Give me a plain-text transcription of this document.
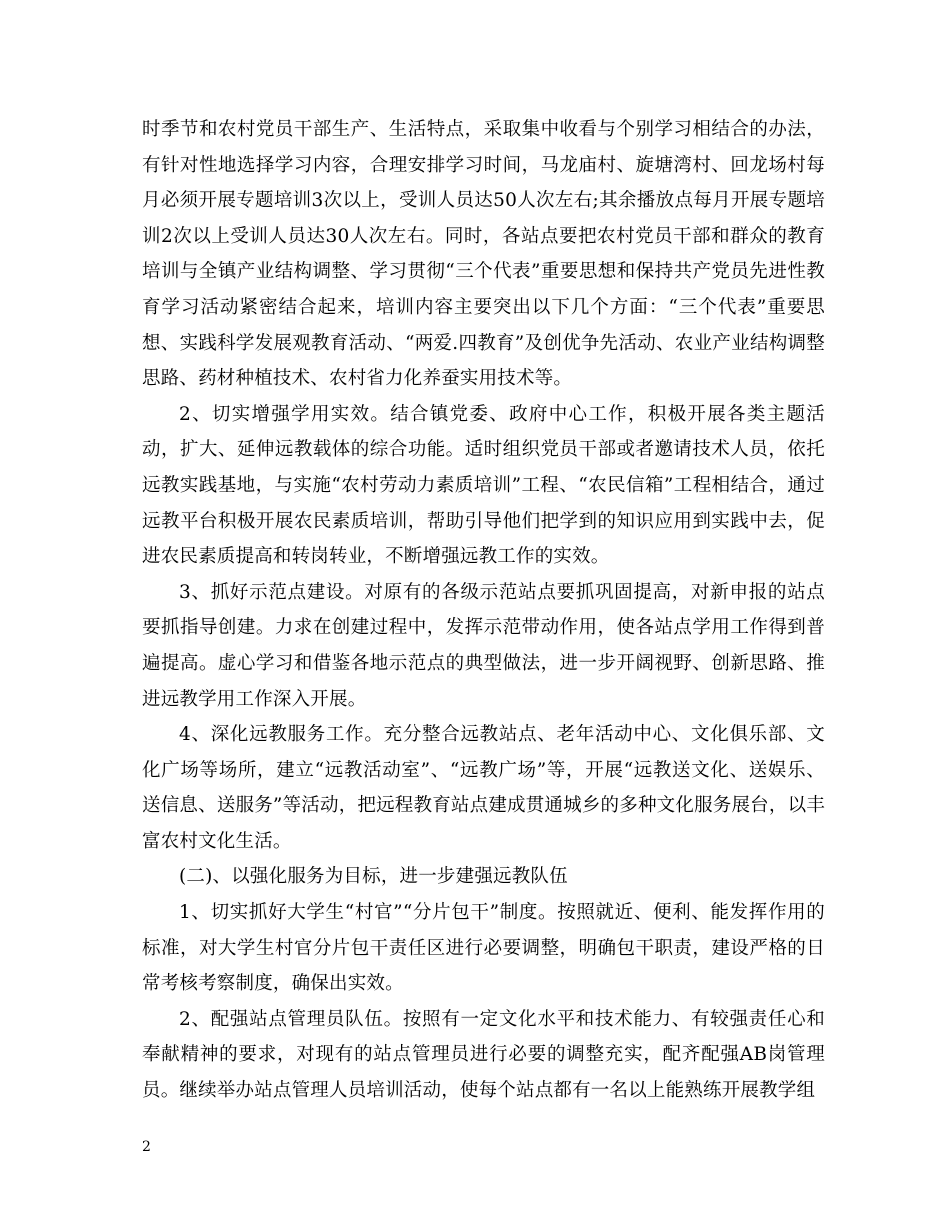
时季节和农村党员干部生产、生活特点，采取集中收看与个别学习相结合的办法，有针对性地选择学习内容，合理安排学习时间，马龙庙村、旋塘湾村、回龙场村每月必须开展专题培训3次以上，受训人员达50人次左右;其余播放点每月开展专题培训2次以上受训人员达30人次左右。同时，各站点要把农村党员干部和群众的教育培训与全镇产业结构调整、学习贯彻“三个代表”重要思想和保持共产党员先进性教育学习活动紧密结合起来，培训内容主要突出以下几个方面：“三个代表”重要思想、实践科学发展观教育活动、“两爱.四教育”及创优争先活动、农业产业结构调整思路、药材种植技术、农村省力化养蚕实用技术等。

2、切实增强学用实效。结合镇党委、政府中心工作，积极开展各类主题活动，扩大、延伸远教载体的综合功能。适时组织党员干部或者邀请技术人员，依托远教实践基地，与实施“农村劳动力素质培训”工程、“农民信箱”工程相结合，通过远教平台积极开展农民素质培训，帮助引导他们把学到的知识应用到实践中去，促进农民素质提高和转岗转业，不断增强远教工作的实效。

3、抓好示范点建设。对原有的各级示范站点要抓巩固提高，对新申报的站点要抓指导创建。力求在创建过程中，发挥示范带动作用，使各站点学用工作得到普遍提高。虚心学习和借鉴各地示范点的典型做法，进一步开阔视野、创新思路、推进远教学用工作深入开展。

4、深化远教服务工作。充分整合远教站点、老年活动中心、文化俱乐部、文化广场等场所，建立“远教活动室”、“远教广场”等，开展“远教送文化、送娱乐、送信息、送服务”等活动，把远程教育站点建成贯通城乡的多种文化服务展台，以丰富农村文化生活。

(二)、以强化服务为目标，进一步建强远教队伍

1、切实抓好大学生“村官”“分片包干”制度。按照就近、便利、能发挥作用的标准，对大学生村官分片包干责任区进行必要调整，明确包干职责，建设严格的日常考核考察制度，确保出实效。

2、配强站点管理员队伍。按照有一定文化水平和技术能力、有较强责任心和奉献精神的要求，对现有的站点管理员进行必要的调整充实，配齐配强AB岗管理员。继续举办站点管理人员培训活动，使每个站点都有一名以上能熟练开展教学组

2
